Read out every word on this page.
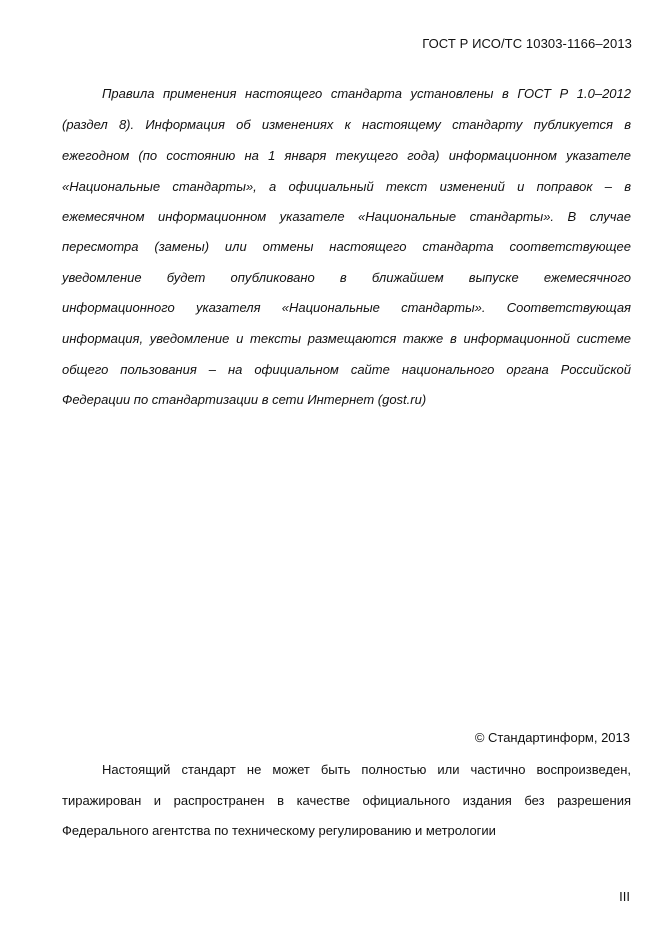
ГОСТ Р ИСО/ТС 10303-1166–2013
Правила применения настоящего стандарта установлены в ГОСТ Р 1.0–2012
(раздел 8). Информация об изменениях к настоящему стандарту публикуется в
ежегодном (по состоянию на 1 января текущего года) информационном указателе
«Национальные стандарты», а официальный текст изменений и поправок – в
ежемесячном информационном указателе «Национальные стандарты». В случае
пересмотра (замены) или отмены настоящего стандарта соответствующее
уведомление будет опубликовано в ближайшем выпуске ежемесячного
информационного указателя «Национальные стандарты». Соответствующая
информация, уведомление и тексты размещаются также в информационной системе
общего пользования – на официальном сайте национального органа Российской
Федерации по стандартизации в сети Интернет (gost.ru)
© Стандартинформ, 2013
Настоящий стандарт не может быть полностью или частично воспроизведен,
тиражирован и распространен в качестве официального издания без разрешения
Федерального агентства по техническому регулированию и метрологии
III
